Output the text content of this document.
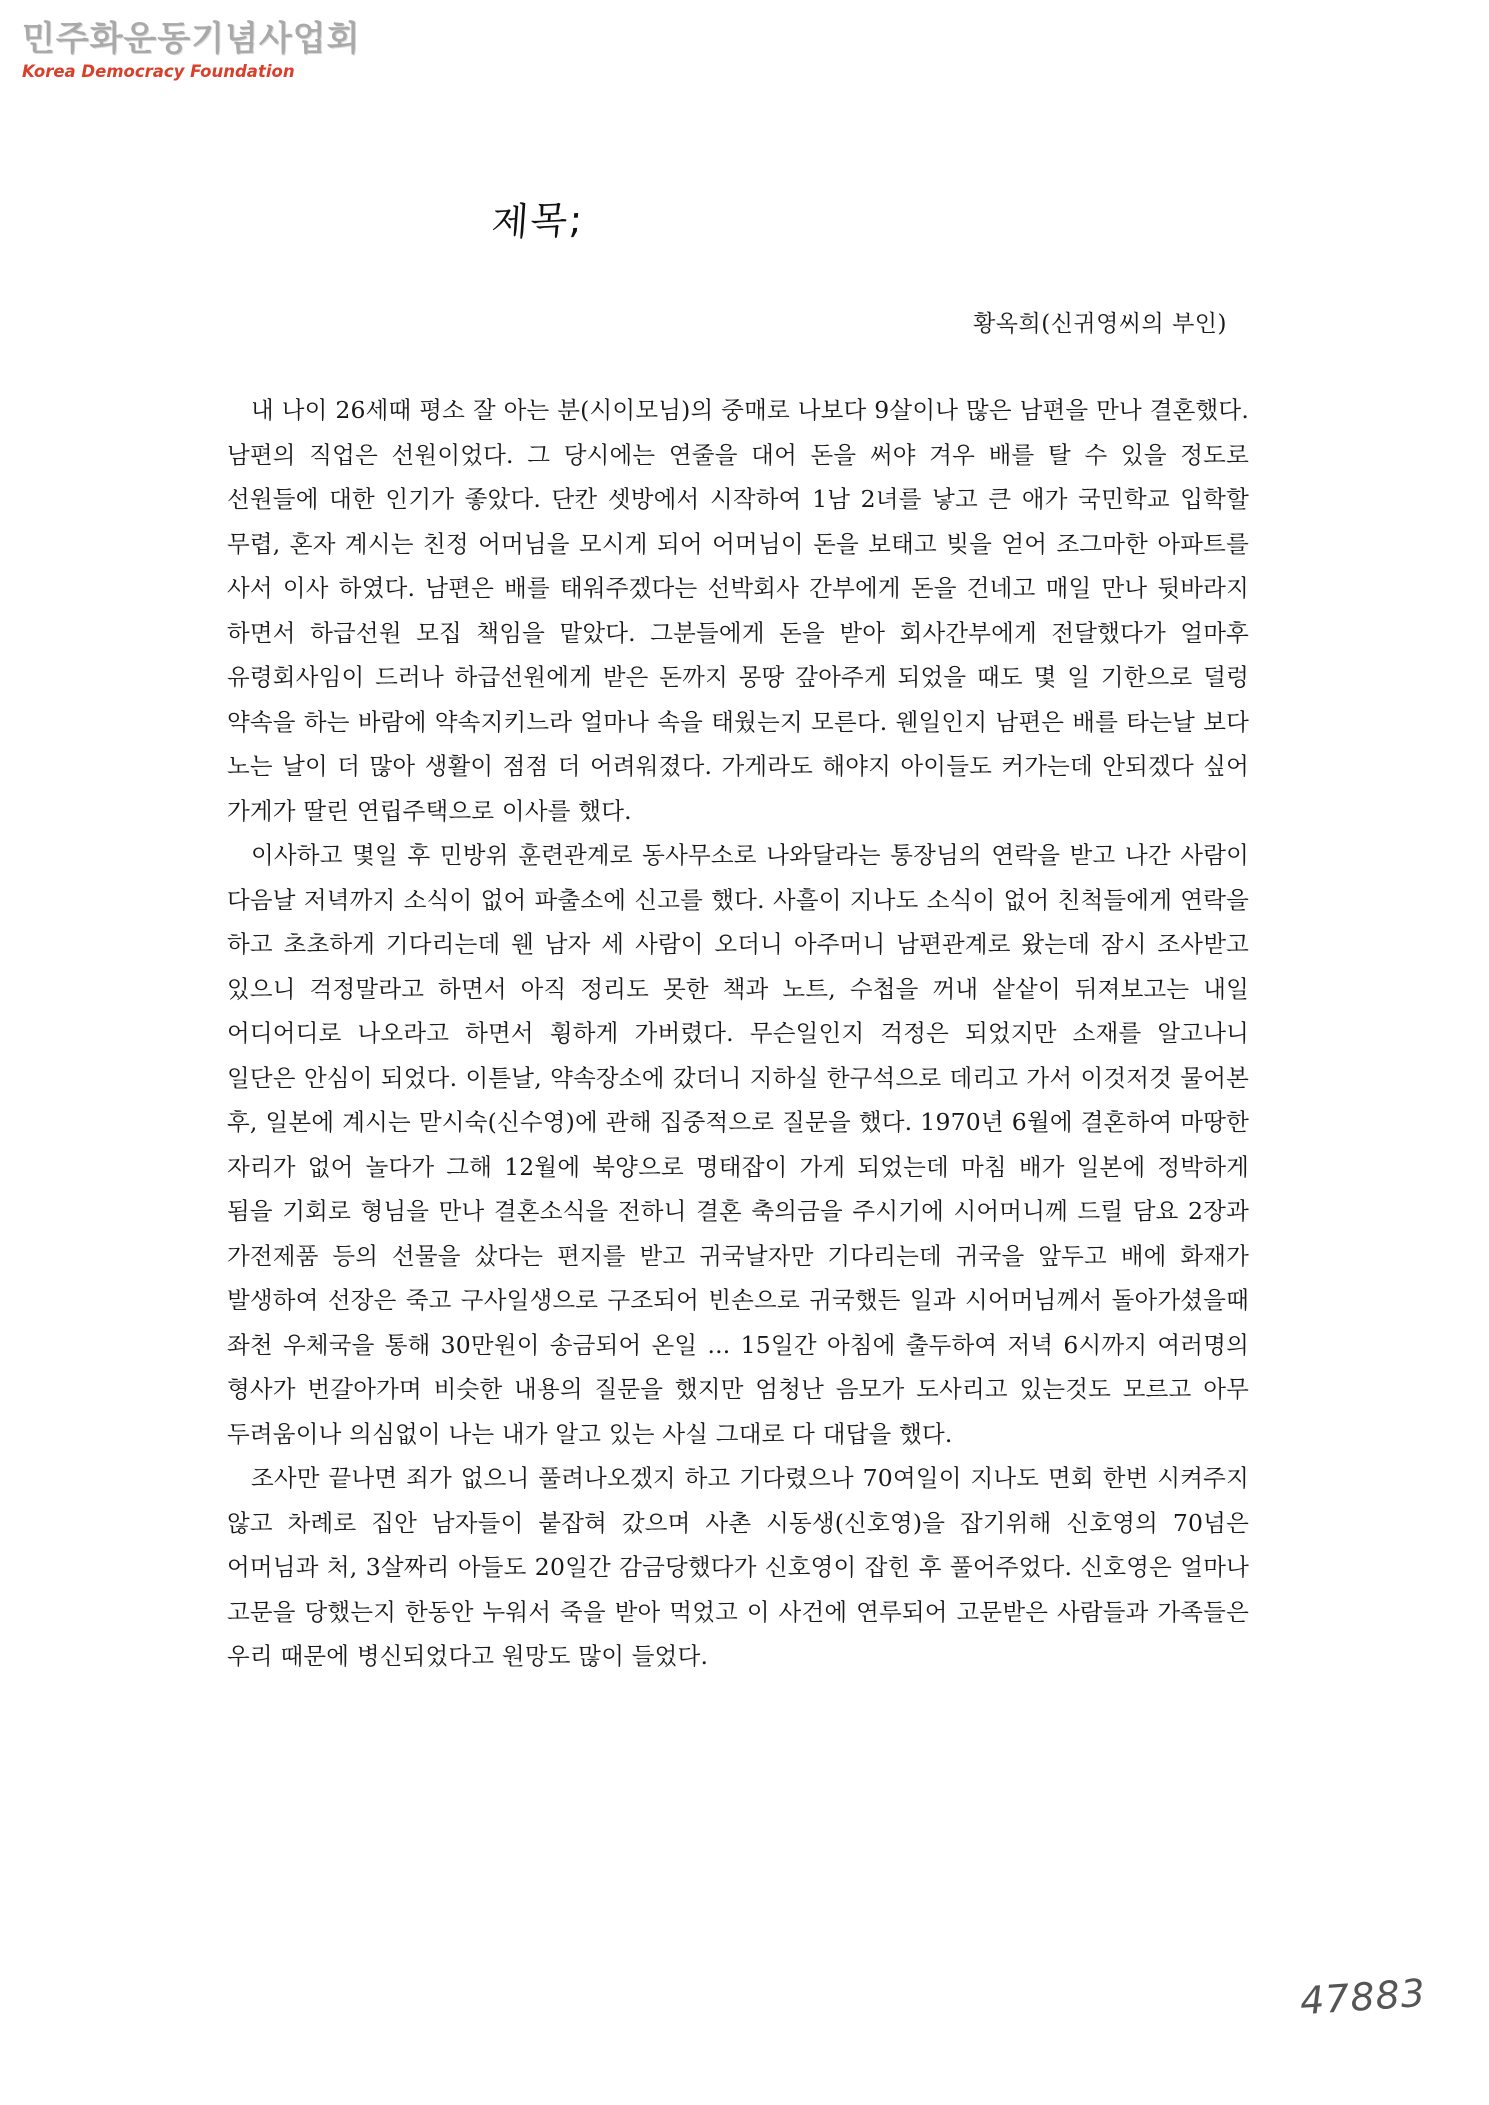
민주화운동기념사업회
Korea Democracy Foundation
제목;
황옥희(신귀영씨의 부인)

내 나이 26세때 평소 잘 아는 분(시이모님)의 중매로 나보다 9살이나 많은 남편을 만나 결혼했다. 남편의 직업은 선원이었다. 그 당시에는 연줄을 대어 돈을 써야 겨우 배를 탈 수 있을 정도로 선원들에 대한 인기가 좋았다. 단칸 셋방에서 시작하여 1남 2녀를 낳고 큰 애가 국민학교 입학할 무렵, 혼자 계시는 친정 어머님을 모시게 되어 어머님이 돈을 보태고 빚을 얻어 조그마한 아파트를 사서 이사 하였다. 남편은 배를 태워주겠다는 선박회사 간부에게 돈을 건네고 매일 만나 뒷바라지 하면서 하급선원 모집 책임을 맡았다. 그분들에게 돈을 받아 회사간부에게 전달했다가 얼마후 유령회사임이 드러나 하급선원에게 받은 돈까지 몽땅 갚아주게 되었을 때도 몇 일 기한으로 덜렁 약속을 하는 바람에 약속지키느라 얼마나 속을 태웠는지 모른다. 웬일인지 남편은 배를 타는날 보다 노는 날이 더 많아 생활이 점점 더 어려워졌다. 가게라도 해야지 아이들도 커가는데 안되겠다 싶어 가게가 딸린 연립주택으로 이사를 했다.

이사하고 몇일 후 민방위 훈련관계로 동사무소로 나와달라는 통장님의 연락을 받고 나간 사람이 다음날 저녁까지 소식이 없어 파출소에 신고를 했다. 사흘이 지나도 소식이 없어 친척들에게 연락을 하고 초초하게 기다리는데 웬 남자 세 사람이 오더니 아주머니 남편관계로 왔는데 잠시 조사받고 있으니 걱정말라고 하면서 아직 정리도 못한 책과 노트, 수첩을 꺼내 샅샅이 뒤져보고는 내일 어디어디로 나오라고 하면서 휭하게 가버렸다. 무슨일인지 걱정은 되었지만 소재를 알고나니 일단은 안심이 되었다. 이튿날, 약속장소에 갔더니 지하실 한구석으로 데리고 가서 이것저것 물어본 후, 일본에 계시는 맏시숙(신수영)에 관해 집중적으로 질문을 했다. 1970년 6월에 결혼하여 마땅한 자리가 없어 놀다가 그해 12월에 북양으로 명태잡이 가게 되었는데 마침 배가 일본에 정박하게 됨을 기회로 형님을 만나 결혼소식을 전하니 결혼 축의금을 주시기에 시어머니께 드릴 담요 2장과 가전제품 등의 선물을 샀다는 편지를 받고 귀국날자만 기다리는데 귀국을 앞두고 배에 화재가 발생하여 선장은 죽고 구사일생으로 구조되어 빈손으로 귀국했든 일과 시어머님께서 돌아가셨을때 좌천 우체국을 통해 30만원이 송금되어 온일 ... 15일간 아침에 출두하여 저녁 6시까지 여러명의 형사가 번갈아가며 비슷한 내용의 질문을 했지만 엄청난 음모가 도사리고 있는것도 모르고 아무 두려움이나 의심없이 나는 내가 알고 있는 사실 그대로 다 대답을 했다.

조사만 끝나면 죄가 없으니 풀려나오겠지 하고 기다렸으나 70여일이 지나도 면회 한번 시켜주지 않고 차례로 집안 남자들이 붙잡혀 갔으며 사촌 시동생(신호영)을 잡기위해 신호영의 70넘은 어머님과 처, 3살짜리 아들도 20일간 감금당했다가 신호영이 잡힌 후 풀어주었다. 신호영은 얼마나 고문을 당했는지 한동안 누워서 죽을 받아 먹었고 이 사건에 연루되어 고문받은 사람들과 가족들은 우리 때문에 병신되었다고 원망도 많이 들었다.

47883
